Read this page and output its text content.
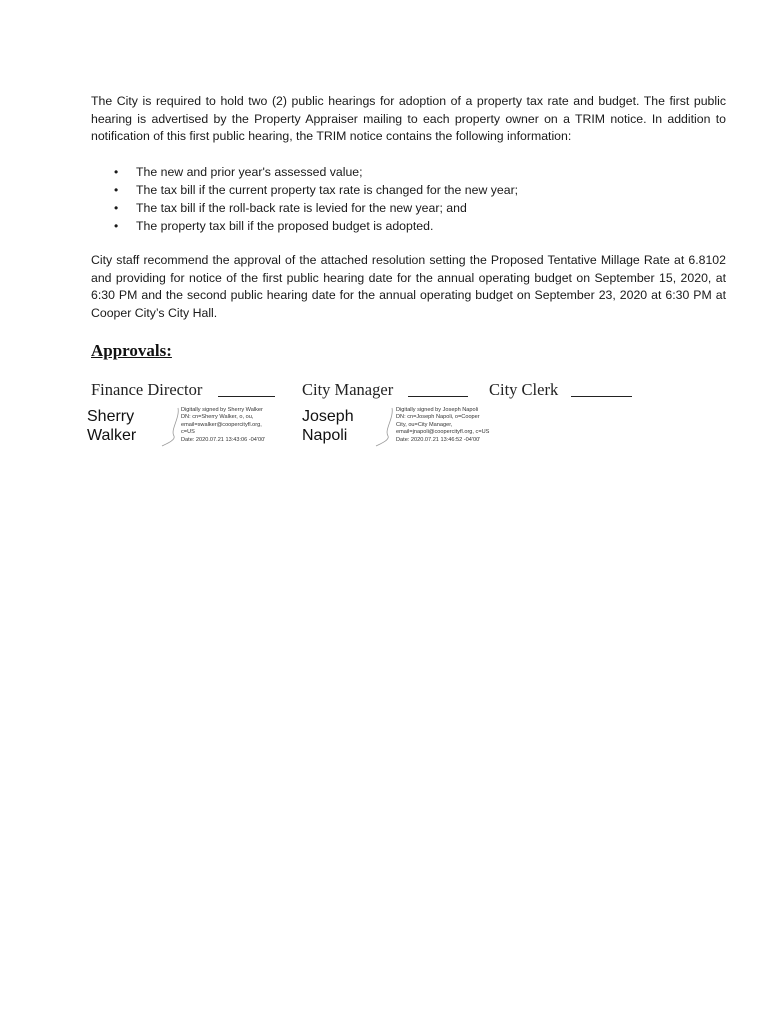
The City is required to hold two (2) public hearings for adoption of a property tax rate and budget. The first public hearing is advertised by the Property Appraiser mailing to each property owner on a TRIM notice. In addition to notification of this first public hearing, the TRIM notice contains the following information:

• The new and prior year's assessed value;
• The tax bill if the current property tax rate is changed for the new year;
• The tax bill if the roll-back rate is levied for the new year; and
• The property tax bill if the proposed budget is adopted.

City staff recommend the approval of the attached resolution setting the Proposed Tentative Millage Rate at 6.8102 and providing for notice of the first public hearing date for the annual operating budget on September 15, 2020, at 6:30 PM and the second public hearing date for the annual operating budget on September 23, 2020 at 6:30 PM at Cooper City’s City Hall.

Approvals:
Finance Director	City Manager	City Clerk
Sherry
Walker
Digitally signed by Sherry Walker
DN: cn=Sherry Walker, o, ou,
email=swalker@coopercityfl.org,
c=US
Date: 2020.07.21 13:43:06 -04'00'
Joseph
Napoli
Digitally signed by Joseph Napoli
DN: cn=Joseph Napoli, o=Cooper
City, ou=City Manager,
email=jnapoli@coopercityfl.org, c=US
Date: 2020.07.21 13:46:52 -04'00'
